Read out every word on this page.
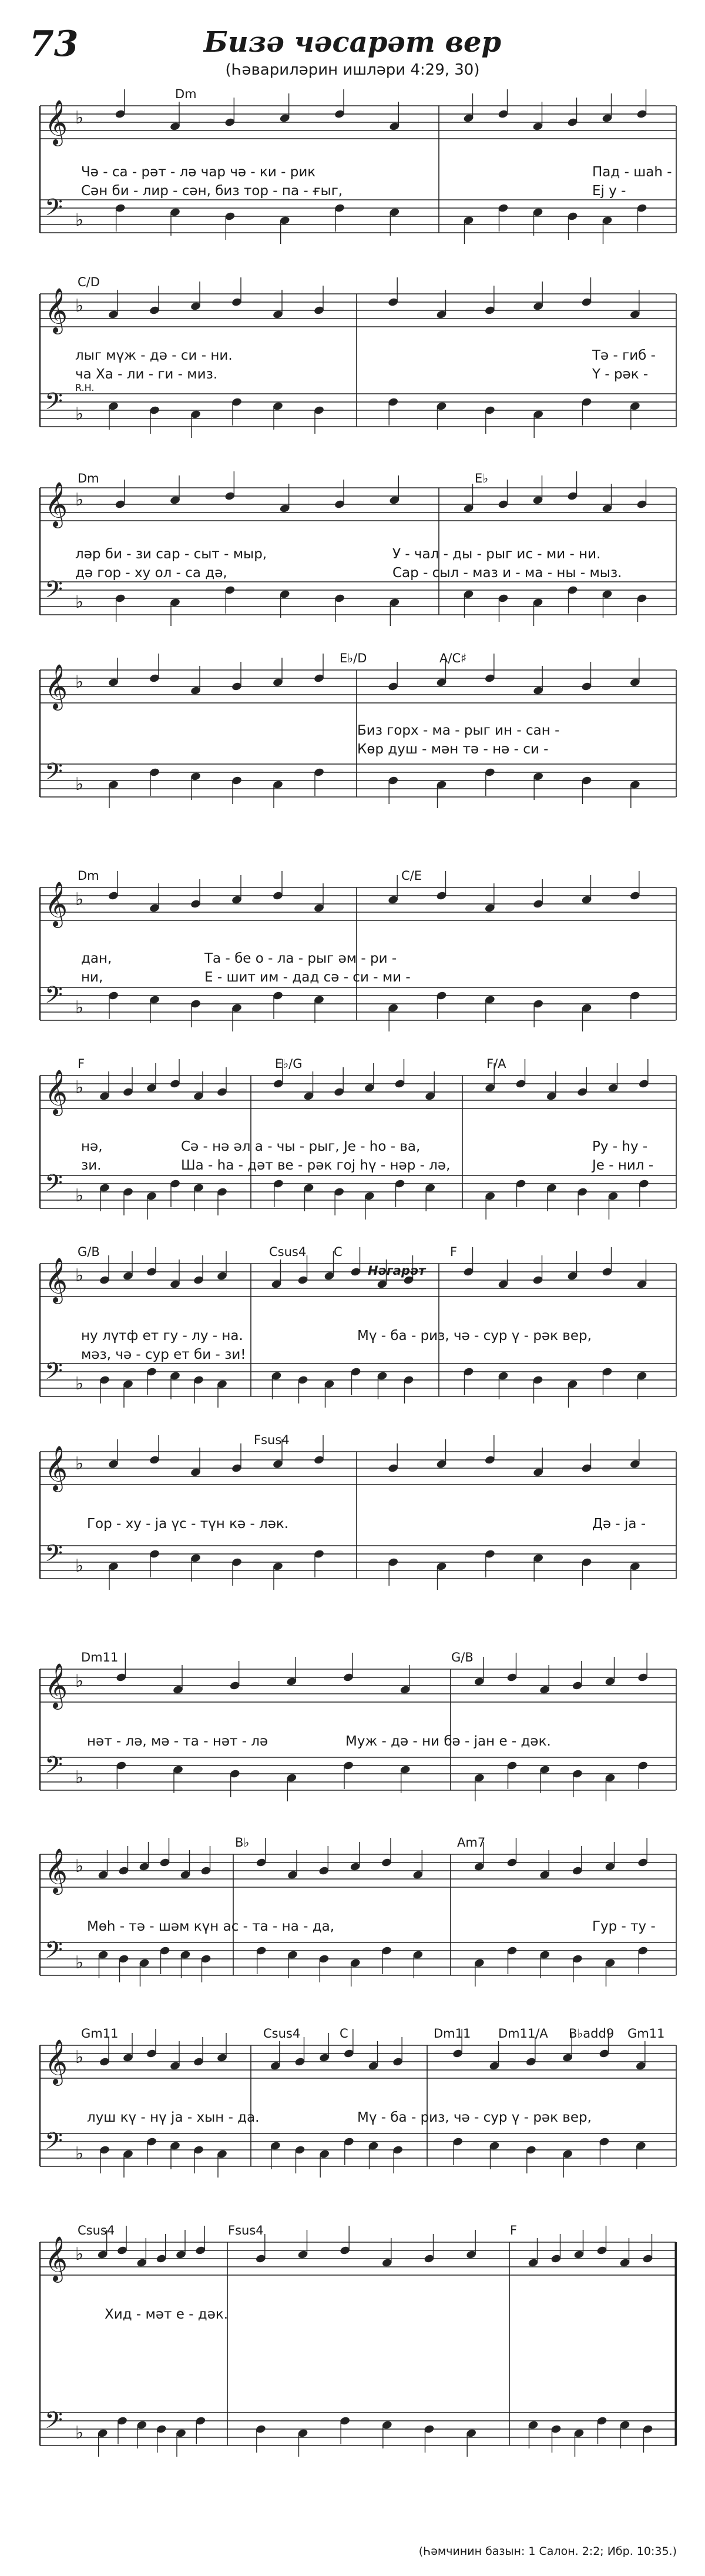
73	Бизә чәсарәт вер
(Һәвариләрин ишләри 4:29, 30)
𝄞 ♭
𝄢 ♭
Dm
Чә - са - рәт - лә чар чә - ки - рик	Пад - шаһ -
Сән би - лир - сән, биз тор - па - ғыг,	Еј у -
𝄞 ♭
𝄢 ♭
C/D
R.H.
лыг мүж - дә - си - ни.	Тә - гиб -
ча Ха - ли - ги - миз.	Ү - рәк -
𝄞 ♭
𝄢 ♭
Dm	E♭
ләр би - зи сар - сыт - мыр,	У - чал - ды - рыг ис - ми - ни.
дә гор - ху ол - са дә,	Сар - сыл - маз и - ма - ны - мыз.
𝄞 ♭
𝄢 ♭
E♭/D	A/C♯
Биз горх - ма - рыг ин - сан -
Көр душ - мән тә - нә - си -
𝄞 ♭
𝄢 ♭
Dm	C/E
дан,	Та - бе о - ла - рыг әм - ри -
ни,	Е - шит им - дад сә - си - ми -
𝄞 ♭
𝄢 ♭
F	E♭/G	F/A
нә,	Сә - нә әл а - чы - рыг, Је - һо - ва,	Ру - һу -
зи.	Ша - һа - дәт ве - рәк гој һү - нәр - лә,	Је - нил -
𝄞 ♭
𝄢 ♭
G/B	Csus4 C	F
Нәгарәт
ну лүтф ет гу - лу - на.	Мү - ба - риз, чә - сур ү - рәк вер,
мәз, чә - сур ет би - зи!
𝄞 ♭
𝄢 ♭
Fsus4
Гор - ху - ја үс - түн кә - ләк.	Дә - ја -
𝄞 ♭
𝄢 ♭
Dm11	G/B
нәт - лә, мә - та - нәт - лә	Муж - дә - ни бә - јан е - дәк.
𝄞 ♭
𝄢 ♭
B♭	Am7
Мөһ - тә - шәм күн ас - та - на - да,	Гур - ту -
𝄞 ♭
𝄢 ♭
Gm11	Csus4	C	Dm11 Dm11/A B♭add9 Gm11
луш кү - нү ја - хын - да.	Мү - ба - риз, чә - сур ү - рәк вер,
𝄞 ♭
𝄢 ♭
Csus4	Fsus4	F
Хид - мәт е - дәк.
(Һәмчинин базын: 1 Салон. 2:2; Ибр. 10:35.)
